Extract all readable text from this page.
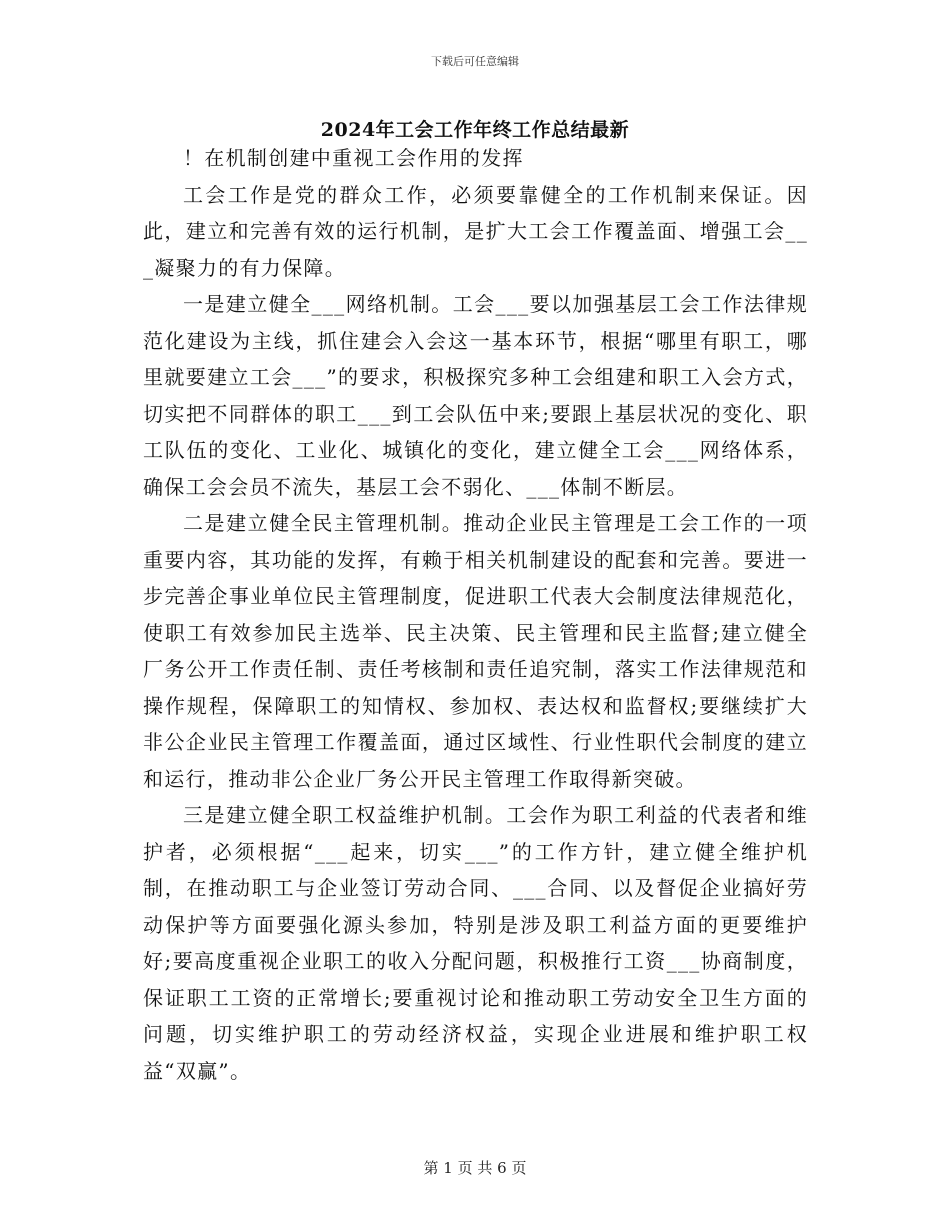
下载后可任意编辑
2024年工会工作年终工作总结最新

！在机制创建中重视工会作用的发挥

工会工作是党的群众工作，必须要靠健全的工作机制来保证。因此，建立和完善有效的运行机制，是扩大工会工作覆盖面、增强工会___凝聚力的有力保障。

一是建立健全___网络机制。工会___要以加强基层工会工作法律规范化建设为主线，抓住建会入会这一基本环节，根据“哪里有职工，哪里就要建立工会___”的要求，积极探究多种工会组建和职工入会方式，切实把不同群体的职工___到工会队伍中来;要跟上基层状况的变化、职工队伍的变化、工业化、城镇化的变化，建立健全工会___网络体系，确保工会会员不流失，基层工会不弱化、___体制不断层。

二是建立健全民主管理机制。推动企业民主管理是工会工作的一项重要内容，其功能的发挥，有赖于相关机制建设的配套和完善。要进一步完善企事业单位民主管理制度，促进职工代表大会制度法律规范化，使职工有效参加民主选举、民主决策、民主管理和民主监督;建立健全厂务公开工作责任制、责任考核制和责任追究制，落实工作法律规范和操作规程，保障职工的知情权、参加权、表达权和监督权;要继续扩大非公企业民主管理工作覆盖面，通过区域性、行业性职代会制度的建立和运行，推动非公企业厂务公开民主管理工作取得新突破。

三是建立健全职工权益维护机制。工会作为职工利益的代表者和维护者，必须根据“___起来，切实___”的工作方针，建立健全维护机制，在推动职工与企业签订劳动合同、___合同、以及督促企业搞好劳动保护等方面要强化源头参加，特别是涉及职工利益方面的更要维护好;要高度重视企业职工的收入分配问题，积极推行工资___协商制度，保证职工工资的正常增长;要重视讨论和推动职工劳动安全卫生方面的问题，切实维护职工的劳动经济权益，实现企业进展和维护职工权益“双赢”。

第 1 页 共 6 页
